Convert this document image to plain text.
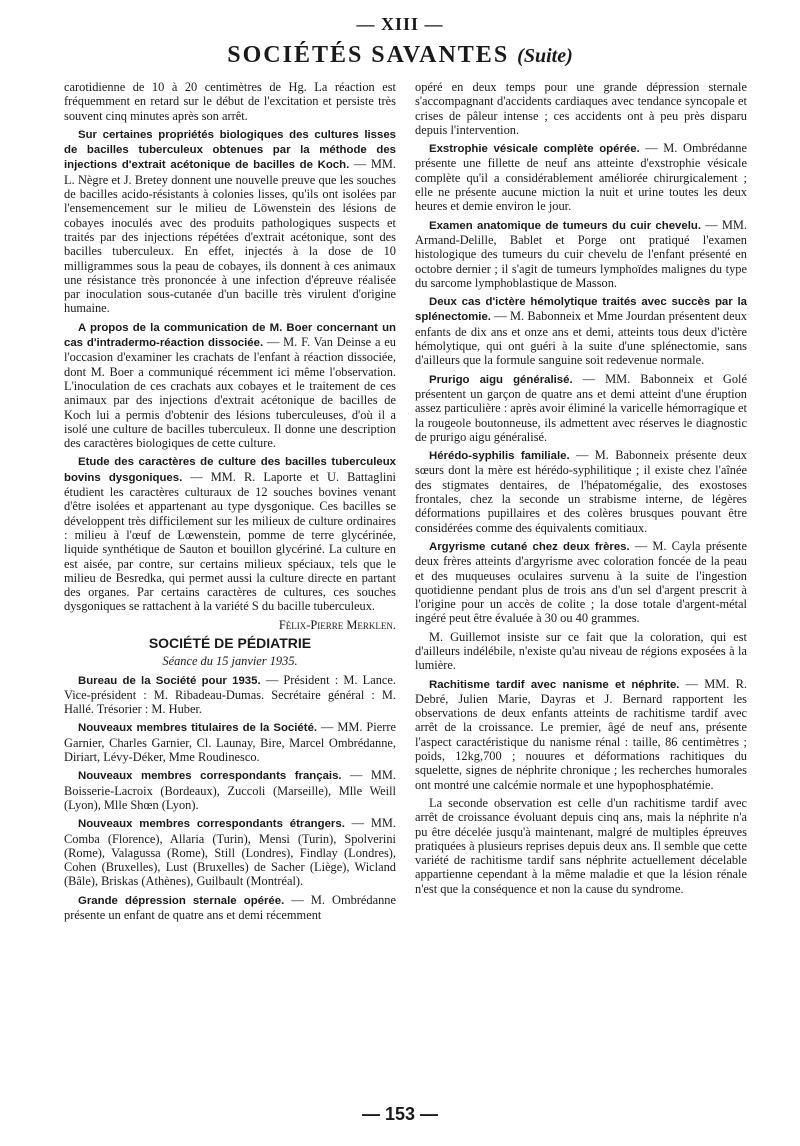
— XIII —
SOCIÉTÉS SAVANTES (Suite)

carotidienne de 10 à 20 centimètres de Hg. La réaction est fréquemment en retard sur le début de l'excitation et persiste très souvent cinq minutes après son arrêt.

Sur certaines propriétés biologiques des cultures lisses de bacilles tuberculeux obtenues par la méthode des injections d'extrait acétonique de bacilles de Koch. — MM. L. Nègre et J. Bretey donnent une nouvelle preuve que les souches de bacilles acido-résistants à colonies lisses, qu'ils ont isolées par l'ensemencement sur le milieu de Löwenstein des lésions de cobayes inoculés avec des produits pathologiques suspects et traités par des injections répétées d'extrait acétonique, sont des bacilles tuberculeux. En effet, injectés à la dose de 10 milligrammes sous la peau de cobayes, ils donnent à ces animaux une résistance très prononcée à une infection d'épreuve réalisée par inoculation sous-cutanée d'un bacille très virulent d'origine humaine.

A propos de la communication de M. Boer concernant un cas d'intradermo-réaction dissociée. — M. F. Van Deinse a eu l'occasion d'examiner les crachats de l'enfant à réaction dissociée, dont M. Boer a communiqué récemment ici même l'observation. L'inoculation de ces crachats aux cobayes et le traitement de ces animaux par des injections d'extrait acétonique de bacilles de Koch lui a permis d'obtenir des lésions tuberculeuses, d'où il a isolé une culture de bacilles tuberculeux. Il donne une description des caractères biologiques de cette culture.

Etude des caractères de culture des bacilles tuberculeux bovins dysgoniques. — MM. R. Laporte et U. Battaglini étudient les caractères culturaux de 12 souches bovines venant d'être isolées et appartenant au type dysgonique. Ces bacilles se développent très difficilement sur les milieux de culture ordinaires : milieu à l'œuf de Lœwenstein, pomme de terre glycérinée, liquide synthétique de Sauton et bouillon glycériné. La culture en est aisée, par contre, sur certains milieux spéciaux, tels que le milieu de Besredka, qui permet aussi la culture directe en partant des organes. Par certains caractères de cultures, ces souches dysgoniques se rattachent à la variété S du bacille tuberculeux.

Félix-Pierre Merklen.

SOCIÉTÉ DE PÉDIATRIE

Séance du 15 janvier 1935.

Bureau de la Société pour 1935. — Président : M. Lance. Vice-président : M. Ribadeau-Dumas. Secrétaire général : M. Hallé. Trésorier : M. Huber.

Nouveaux membres titulaires de la Société. — MM. Pierre Garnier, Charles Garnier, Cl. Launay, Bire, Marcel Ombrédanne, Diriart, Lévy-Déker, Mme Roudinesco.

Nouveaux membres correspondants français. — MM. Boisserie-Lacroix (Bordeaux), Zuccoli (Marseille), Mlle Weill (Lyon), Mlle Shœn (Lyon).

Nouveaux membres correspondants étrangers. — MM. Comba (Florence), Allaria (Turin), Mensi (Turin), Spolverini (Rome), Valagussa (Rome), Still (Londres), Findlay (Londres), Cohen (Bruxelles), Lust (Bruxelles) de Sacher (Liège), Wicland (Bâle), Briskas (Athènes), Guilbault (Montréal).

Grande dépression sternale opérée. — M. Ombrédanne présente un enfant de quatre ans et demi récemment

opéré en deux temps pour une grande dépression sternale s'accompagnant d'accidents cardiaques avec tendance syncopale et crises de pâleur intense ; ces accidents ont à peu près disparu depuis l'intervention.

Exstrophie vésicale complète opérée. — M. Ombrédanne présente une fillette de neuf ans atteinte d'exstrophie vésicale complète qu'il a considérablement améliorée chirurgicalement ; elle ne présente aucune miction la nuit et urine toutes les deux heures et demie environ le jour.

Examen anatomique de tumeurs du cuir chevelu. — MM. Armand-Delille, Bablet et Porge ont pratiqué l'examen histologique des tumeurs du cuir chevelu de l'enfant présenté en octobre dernier ; il s'agit de tumeurs lymphoïdes malignes du type du sarcome lymphoblastique de Masson.

Deux cas d'ictère hémolytique traités avec succès par la splénectomie. — M. Babonneix et Mme Jourdan présentent deux enfants de dix ans et onze ans et demi, atteints tous deux d'ictère hémolytique, qui ont guéri à la suite d'une splénectomie, sans d'ailleurs que la formule sanguine soit redevenue normale.

Prurigo aigu généralisé. — MM. Babonneix et Golé présentent un garçon de quatre ans et demi atteint d'une éruption assez particulière : après avoir éliminé la varicelle hémorragique et la rougeole boutonneuse, ils admettent avec réserves le diagnostic de prurigo aigu généralisé.

Hérédo-syphilis familiale. — M. Babonneix présente deux sœurs dont la mère est hérédo-syphilitique ; il existe chez l'aînée des stigmates dentaires, de l'hépatomégalie, des exostoses frontales, chez la seconde un strabisme interne, de légères déformations pupillaires et des colères brusques pouvant être considérées comme des équivalents comitiaux.

Argyrisme cutané chez deux frères. — M. Cayla présente deux frères atteints d'argyrisme avec coloration foncée de la peau et des muqueuses oculaires survenu à la suite de l'ingestion quotidienne pendant plus de trois ans d'un sel d'argent prescrit à l'origine pour un accès de colite ; la dose totale d'argent-métal ingéré peut être évaluée à 30 ou 40 grammes.

M. Guillemot insiste sur ce fait que la coloration, qui est d'ailleurs indélébile, n'existe qu'au niveau de régions exposées à la lumière.

Rachitisme tardif avec nanisme et néphrite. — MM. R. Debré, Julien Marie, Dayras et J. Bernard rapportent les observations de deux enfants atteints de rachitisme tardif avec arrêt de la croissance. Le premier, âgé de neuf ans, présente l'aspect caractéristique du nanisme rénal : taille, 86 centimètres ; poids, 12kg,700 ; nouures et déformations rachitiques du squelette, signes de néphrite chronique ; les recherches humorales ont montré une calcémie normale et une hypophosphatémie.

La seconde observation est celle d'un rachitisme tardif avec arrêt de croissance évoluant depuis cinq ans, mais la néphrite n'a pu être décelée jusqu'à maintenant, malgré de multiples épreuves pratiquées à plusieurs reprises depuis deux ans. Il semble que cette variété de rachitisme tardif sans néphrite actuellement décelable appartienne cependant à la même maladie et que la lésion rénale n'est que la conséquence et non la cause du syndrome.

— 153 —
